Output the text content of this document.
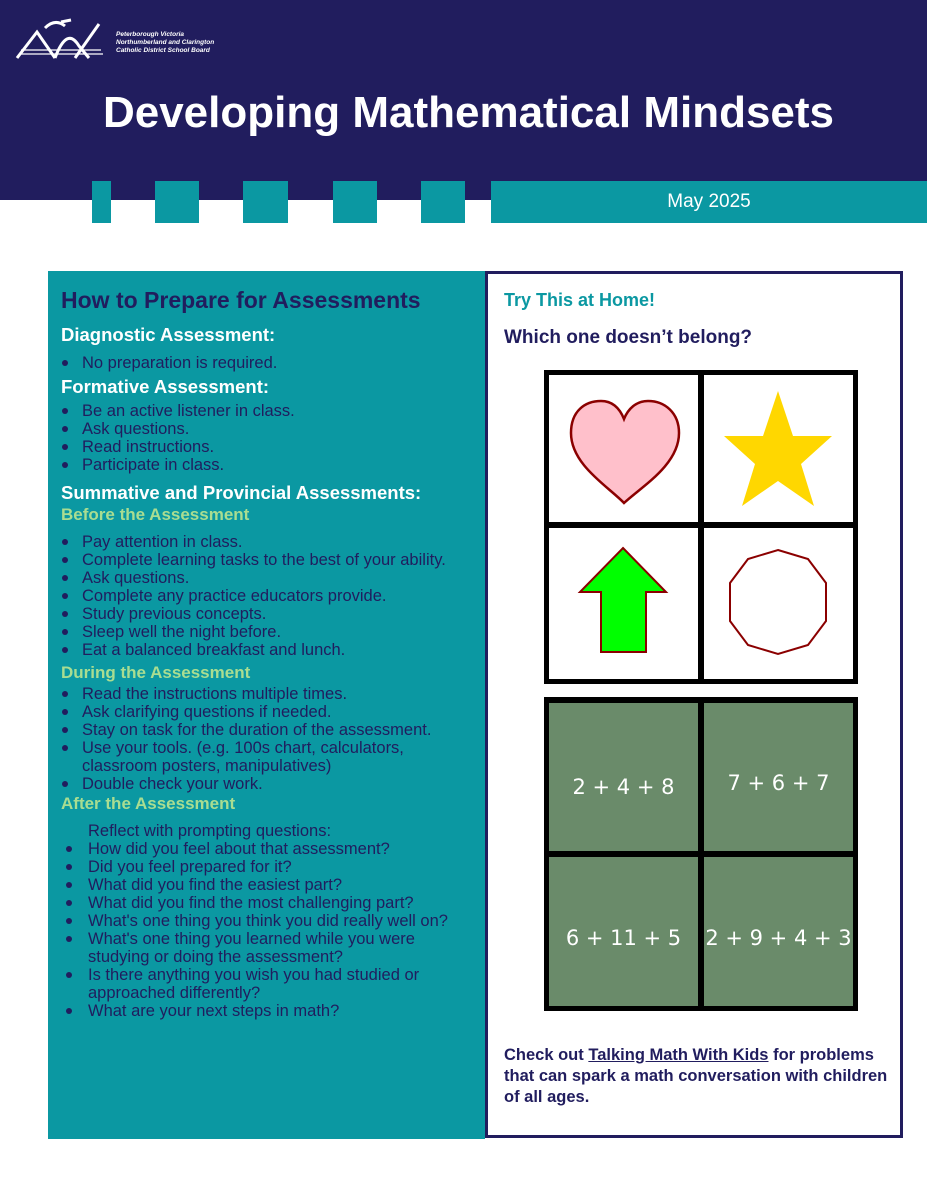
Peterborough Victoria
Northumberland and Clarington
Catholic District School Board
Developing Mathematical Mindsets
May 2025
How to Prepare for Assessments
Diagnostic Assessment:
No preparation is required.
Formative Assessment:
Be an active listener in class.
Ask questions.
Read instructions.
Participate in class.
Summative and Provincial Assessments:
Before the Assessment
Pay attention in class.
Complete learning tasks to the best of your ability.
Ask questions.
Complete any practice educators provide.
Study previous concepts.
Sleep well the night before.
Eat a balanced breakfast and lunch.
During the Assessment
Read the instructions multiple times.
Ask clarifying questions if needed.
Stay on task for the duration of the assessment.
Use your tools. (e.g. 100s chart, calculators, classroom posters, manipulatives)
Double check your work.
After the Assessment

Reflect with prompting questions:

How did you feel about that assessment?
Did you feel prepared for it?
What did you find the easiest part?
What did you find the most challenging part?
What's one thing you think you did really well on?
What's one thing you learned while you were studying or doing the assessment?
Is there anything you wish you had studied or approached differently?
What are your next steps in math?
Try This at Home!
Which one doesn’t belong?
2 + 4 + 8	7 + 6 + 7
6 + 11 + 5	2 + 9 + 4 + 3
Check out Talking Math With Kids for problems that can spark a math conversation with children of all ages.
